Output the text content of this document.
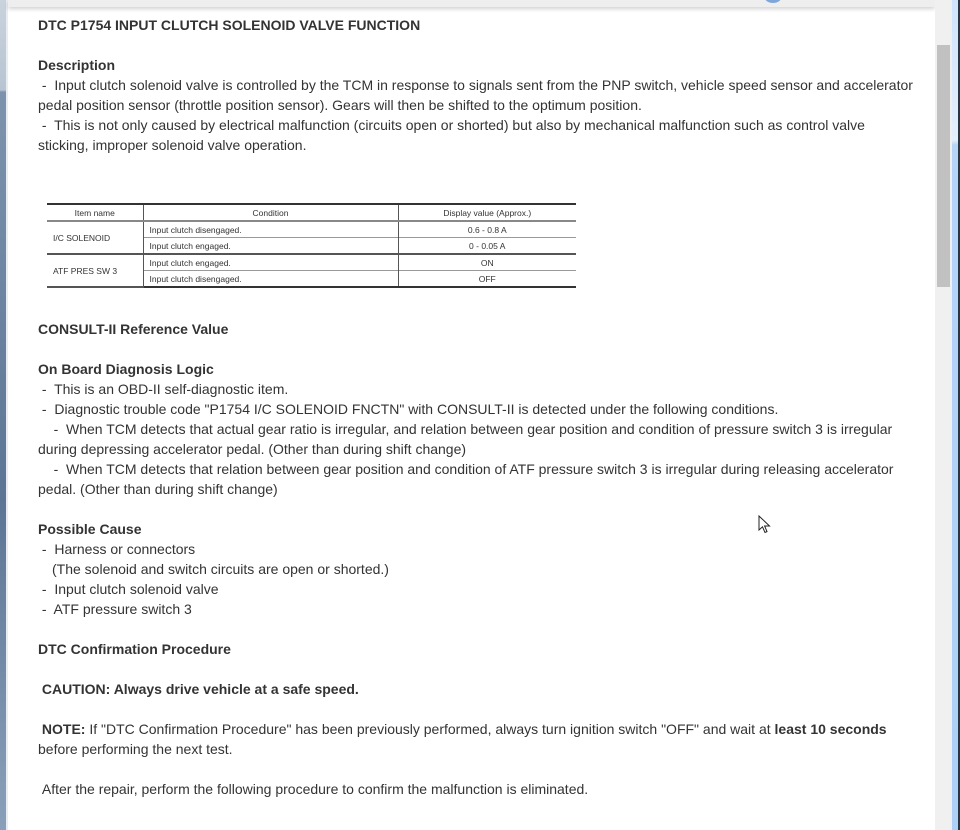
DTC P1754 INPUT CLUTCH SOLENOID VALVE FUNCTION

Description

-  Input clutch solenoid valve is controlled by the TCM in response to signals sent from the PNP switch, vehicle speed sensor and accelerator pedal position sensor (throttle position sensor). Gears will then be shifted to the optimum position.

-  This is not only caused by electrical malfunction (circuits open or shorted) but also by mechanical malfunction such as control valve sticking, improper solenoid valve operation.

CONSULT-II Reference Value

On Board Diagnosis Logic

-  This is an OBD-II self-diagnostic item.

-  Diagnostic trouble code "P1754 I/C SOLENOID FNCTN" with CONSULT-II is detected under the following conditions.

-  When TCM detects that actual gear ratio is irregular, and relation between gear position and condition of pressure switch 3 is irregular during depressing accelerator pedal. (Other than during shift change)

-  When TCM detects that relation between gear position and condition of ATF pressure switch 3 is irregular during releasing accelerator pedal. (Other than during shift change)

Possible Cause

-  Harness or connectors

(The solenoid and switch circuits are open or shorted.)

-  Input clutch solenoid valve

-  ATF pressure switch 3

DTC Confirmation Procedure

CAUTION: Always drive vehicle at a safe speed.

NOTE: If "DTC Confirmation Procedure" has been previously performed, always turn ignition switch "OFF" and wait at least 10 seconds before performing the next test.

After the repair, perform the following procedure to confirm the malfunction is eliminated.

Item name	Condition	Display value (Approx.)
I/C SOLENOID	Input clutch disengaged.	0.6 - 0.8 A
	Input clutch engaged.	0 - 0.05 A
ATF PRES SW 3	Input clutch engaged.	ON
	Input clutch disengaged.	OFF
